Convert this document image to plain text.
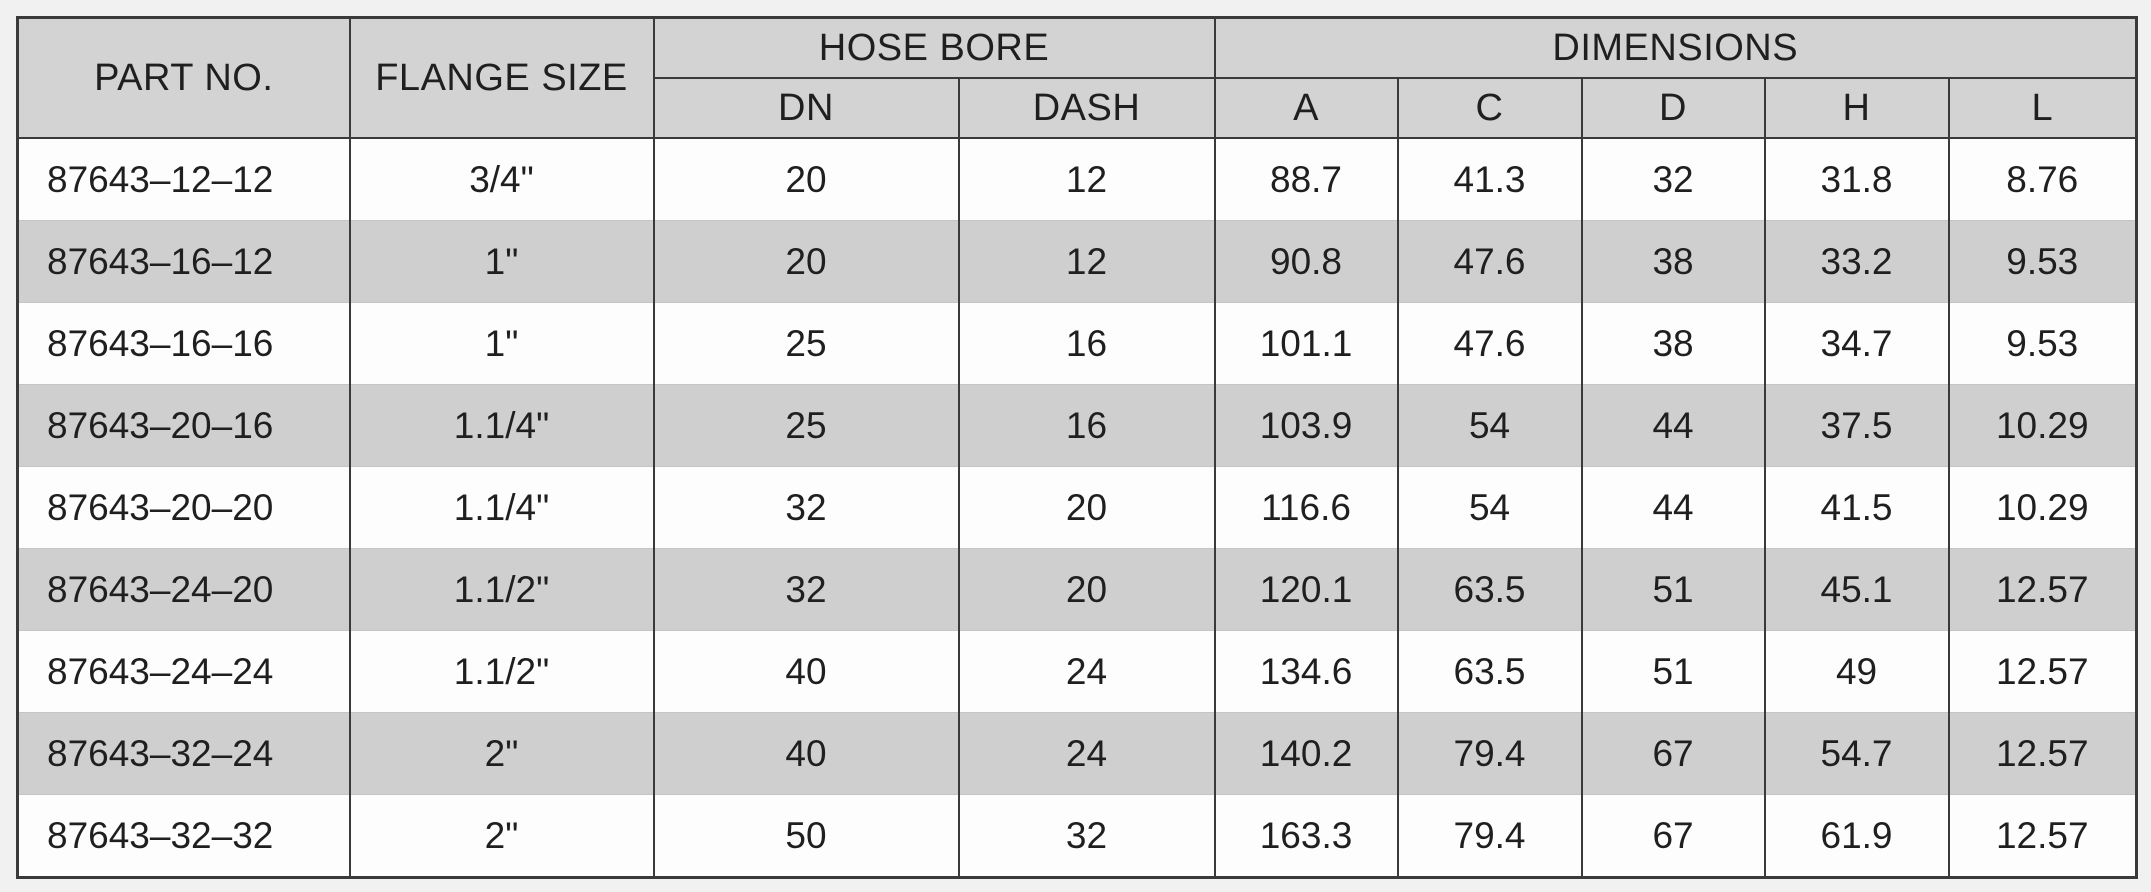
PART NO.	FLANGE SIZE	HOSE BORE		DIMENSIONS				
		DN	DASH	A	C	D	H	L
87643–12–12	3/4"	20	12	88.7	41.3	32	31.8	8.76
87643–16–12	1"	20	12	90.8	47.6	38	33.2	9.53
87643–16–16	1"	25	16	101.1	47.6	38	34.7	9.53
87643–20–16	1.1/4"	25	16	103.9	54	44	37.5	10.29
87643–20–20	1.1/4"	32	20	116.6	54	44	41.5	10.29
87643–24–20	1.1/2"	32	20	120.1	63.5	51	45.1	12.57
87643–24–24	1.1/2"	40	24	134.6	63.5	51	49	12.57
87643–32–24	2"	40	24	140.2	79.4	67	54.7	12.57
87643–32–32	2"	50	32	163.3	79.4	67	61.9	12.57
